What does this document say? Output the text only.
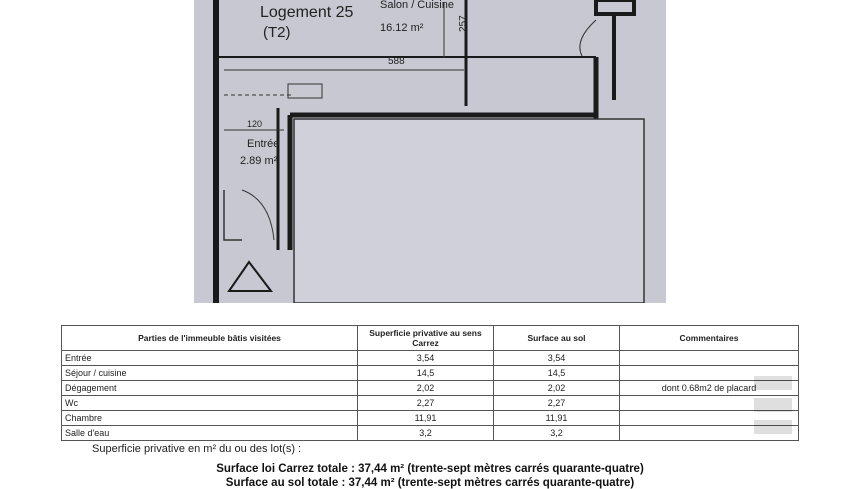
Logement 25
(T2)
Salon / Cuisine
16.12 m²
588
257
120
Entrée
2.89 m²
Parties de l'immeuble bâtis visitées	Superficie privative au sens Carrez	Surface au sol	Commentaires
Entrée	3,54	3,54	
Séjour / cuisine	14,5	14,5	
Dégagement	2,02	2,02	dont 0.68m2 de placard
Wc	2,27	2,27	
Chambre	11,91	11,91	
Salle d'eau	3,2	3,2	
Superficie privative en m² du ou des lot(s) :
Surface loi Carrez totale : 37,44 m² (trente-sept mètres carrés quarante-quatre)
Surface au sol totale : 37,44 m² (trente-sept mètres carrés quarante-quatre)
